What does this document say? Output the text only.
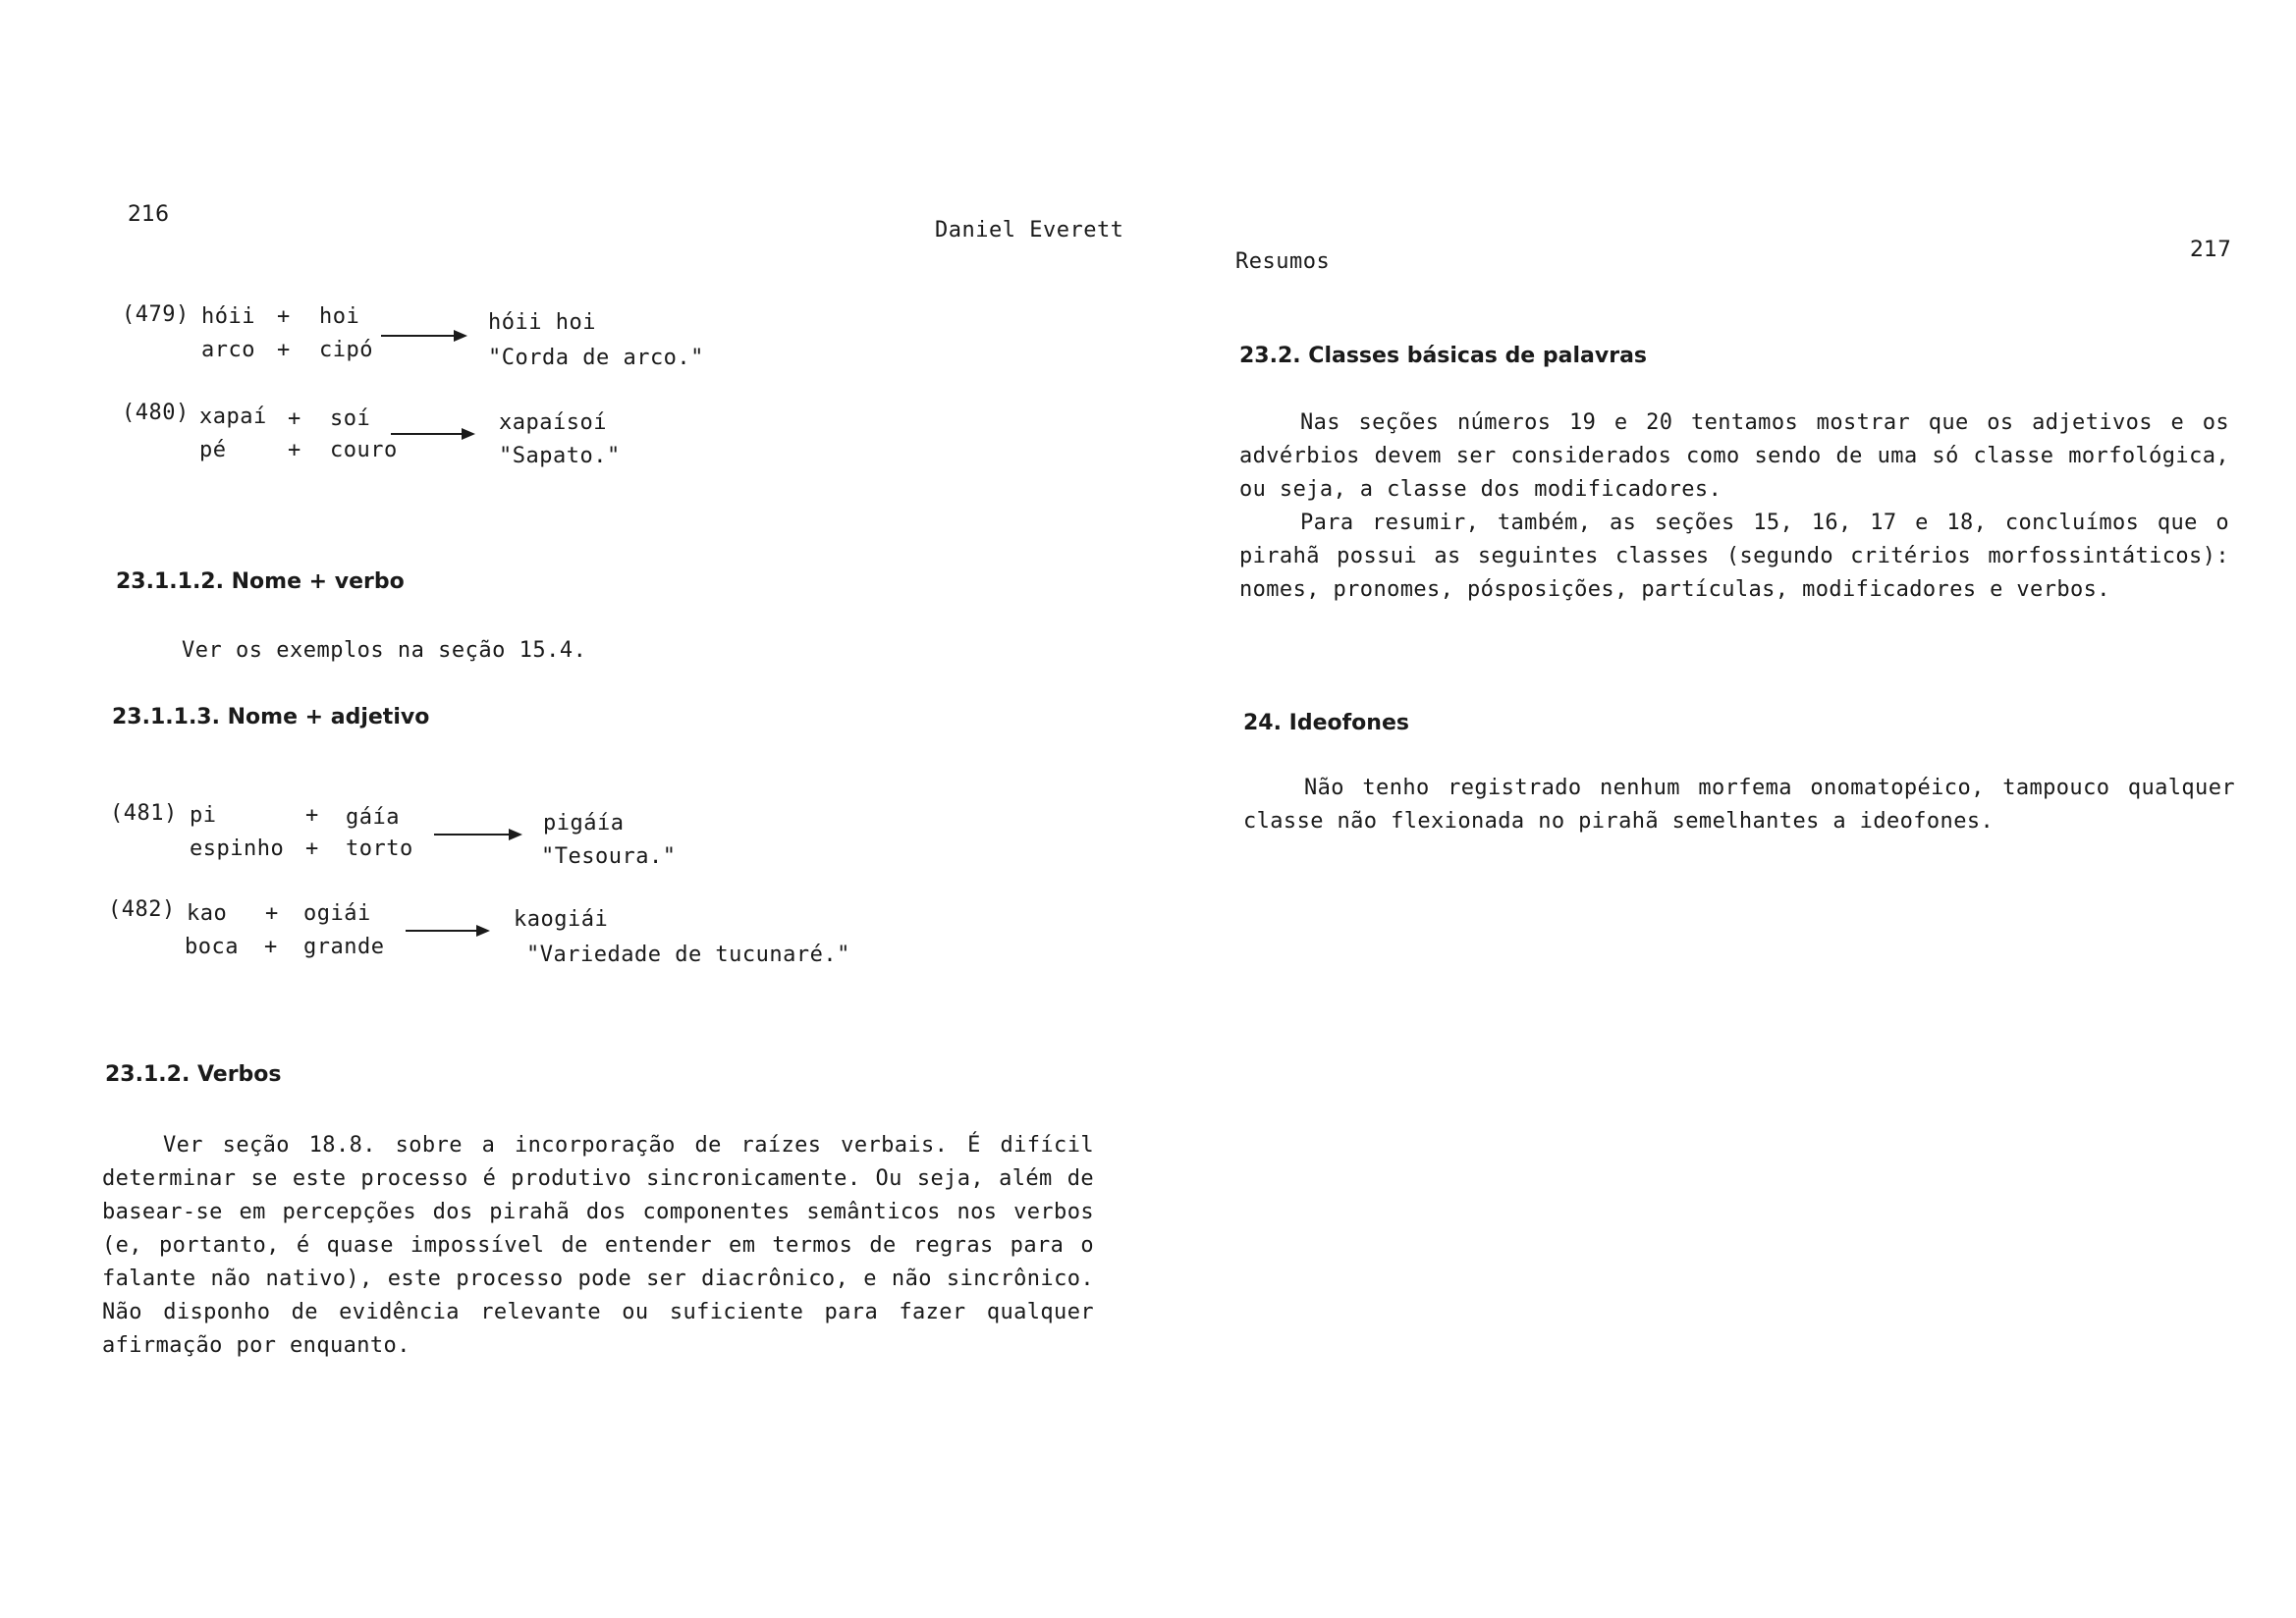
216
Daniel Everett
(479) hóii + hoi
arco + cipó
hóii hoi
"Corda de arco."
(480) xapaí + soí
pé	+ couro
xapaísoí
"Sapato."
23.1.1.2. Nome + verbo
Ver os exemplos na seção 15.4.
23.1.1.3. Nome + adjetivo
(481) pi	+ gáía
espinho + torto
pigáía
"Tesoura."
(482) kao + ogiái
boca + grande
kaogiái
"Variedade de tucunaré."
23.1.2. Verbos
Ver seção 18.8. sobre a incorporação de raízes verbais. É difícil determinar se este processo é produtivo sincronicamente. Ou seja, além de basear-se em percepções dos pirahã dos componentes semânticos nos verbos (e, portanto, é quase impossível de entender em termos de regras para o falante não nativo), este processo pode ser diacrônico, e não sincrônico. Não disponho de evidência relevante ou suficiente para fazer qualquer afirmação por enquanto.
217
Resumos
23.2. Classes básicas de palavras
Nas seções números 19 e 20 tentamos mostrar que os adjetivos e os advérbios devem ser considerados como sendo de uma só classe morfológica, ou seja, a classe dos modificadores.
Para resumir, também, as seções 15, 16, 17 e 18, concluímos que o pirahã possui as seguintes classes (segundo critérios morfossintáticos): nomes, pronomes, pósposições, partículas, modificadores e verbos.
24. Ideofones
Não tenho registrado nenhum morfema onomatopéico, tampouco qualquer classe não flexionada no pirahã semelhantes a ideofones.
